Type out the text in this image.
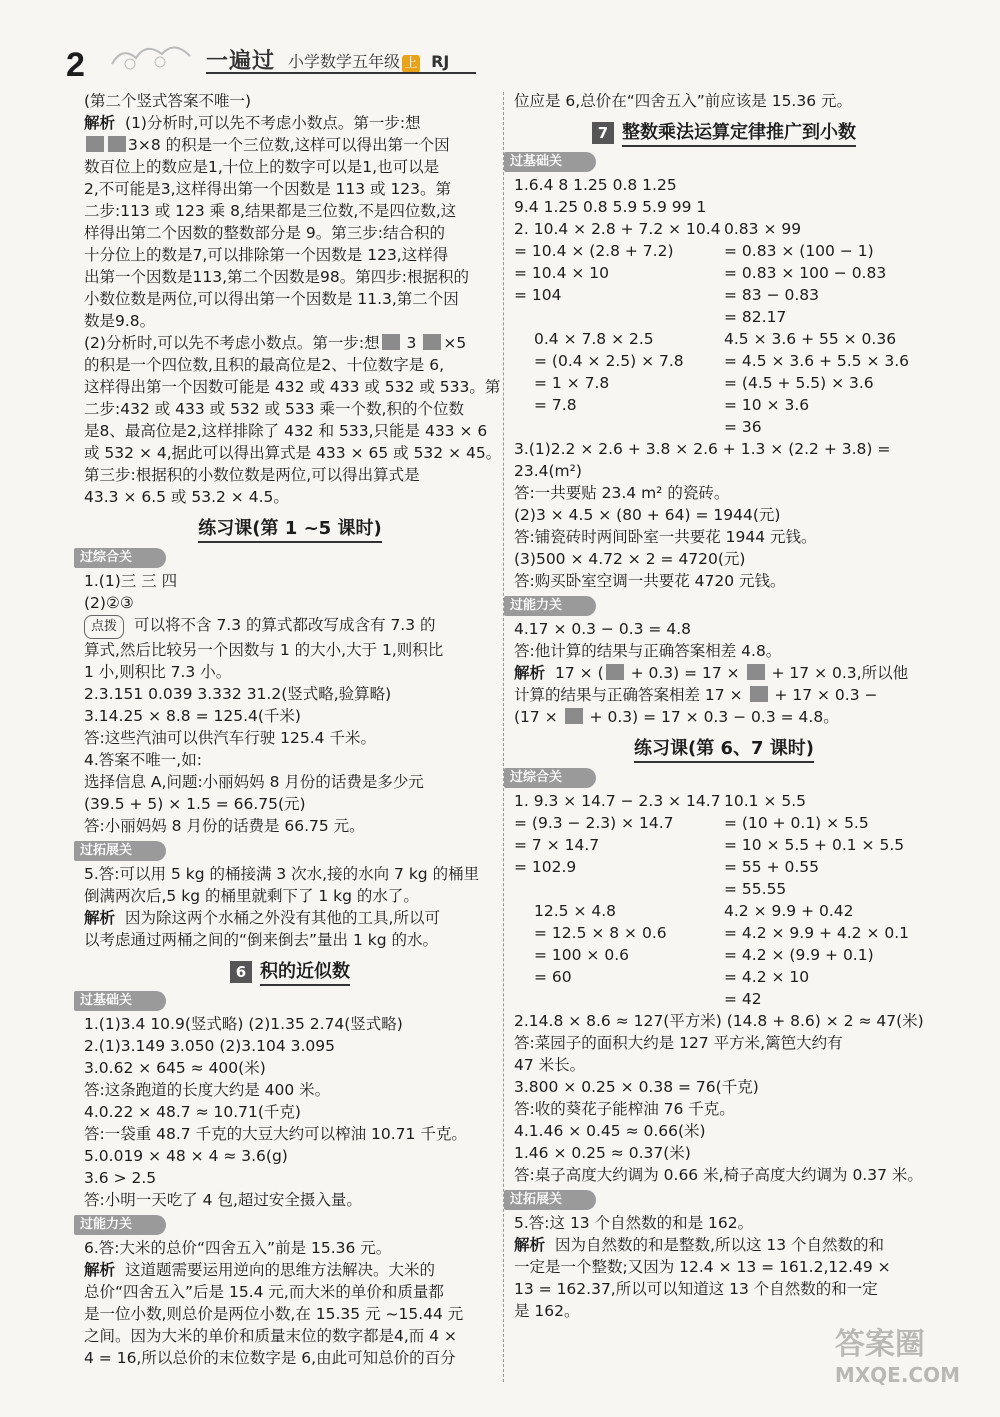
2	一遍过 小学数学五年级 上 RJ
(第二个竖式答案不唯一)
解析 (1)分析时,可以先不考虑小数点。第一步:想
3×8 的积是一个三位数,这样可以得出第一个因
数百位上的数应是1,十位上的数字可以是1,也可以是
2,不可能是3,这样得出第一个因数是 113 或 123。第
二步:113 或 123 乘 8,结果都是三位数,不是四位数,这
样得出第二个因数的整数部分是 9。第三步:结合积的
十分位上的数是7,可以排除第一个因数是 123,这样得
出第一个因数是113,第二个因数是98。第四步:根据积的
小数位数是两位,可以得出第一个因数是 11.3,第二个因
数是9.8。
(2)分析时,可以先不考虑小数点。第一步:想 3 ×5
的积是一个四位数,且积的最高位是2、十位数字是 6,
这样得出第一个因数可能是 432 或 433 或 532 或 533。第
二步:432 或 433 或 532 或 533 乘一个数,积的个位数
是8、最高位是2,这样排除了 432 和 533,只能是 433 × 6
或 532 × 4,据此可以得出算式是 433 × 65 或 532 × 45。
第三步:根据积的小数位数是两位,可以得出算式是
43.3 × 6.5 或 53.2 × 4.5。
练习课(第 1 ~5 课时)
过综合关
1.(1)三 三 四
(2)②③
点拨 可以将不含 7.3 的算式都改写成含有 7.3 的
算式,然后比较另一个因数与 1 的大小,大于 1,则积比
1 小,则积比 7.3 小。
2.3.151 0.039 3.332 31.2(竖式略,验算略)
3.14.25 × 8.8 = 125.4(千米)
答:这些汽油可以供汽车行驶 125.4 千米。
4.答案不唯一,如:
选择信息 A,问题:小丽妈妈 8 月份的话费是多少元
(39.5 + 5) × 1.5 = 66.75(元)
答:小丽妈妈 8 月份的话费是 66.75 元。
过拓展关
5.答:可以用 5 kg 的桶接满 3 次水,接的水向 7 kg 的桶里
倒满两次后,5 kg 的桶里就剩下了 1 kg 的水了。
解析 因为除这两个水桶之外没有其他的工具,所以可
以考虑通过两桶之间的“倒来倒去”量出 1 kg 的水。
6 积的近似数
过基础关
1.(1)3.4 10.9(竖式略) (2)1.35 2.74(竖式略)
2.(1)3.149 3.050 (2)3.104 3.095
3.0.62 × 645 ≈ 400(米)
答:这条跑道的长度大约是 400 米。
4.0.22 × 48.7 ≈ 10.71(千克)
答:一袋重 48.7 千克的大豆大约可以榨油 10.71 千克。
5.0.019 × 48 × 4 ≈ 3.6(g)
3.6 > 2.5
答:小明一天吃了 4 包,超过安全摄入量。
过能力关
6.答:大米的总价“四舍五入”前是 15.36 元。
解析 这道题需要运用逆向的思维方法解决。大米的
总价“四舍五入”后是 15.4 元,而大米的单价和质量都
是一位小数,则总价是两位小数,在 15.35 元 ~15.44 元
之间。因为大米的单价和质量末位的数字都是4,而 4 ×
4 = 16,所以总价的末位数字是 6,由此可知总价的百分
位应是 6,总价在“四舍五入”前应该是 15.36 元。
7 整数乘法运算定律推广到小数
过基础关
1.6.4 8 1.25 0.8 1.25
9.4 1.25 0.8 5.9 5.9 99 1
2. 10.4 × 2.8 + 7.2 × 10.4
= 10.4 × (2.8 + 7.2)
= 10.4 × 10
= 104
0.83 × 99
= 0.83 × (100 − 1)
= 0.83 × 100 − 0.83
= 83 − 0.83
= 82.17
0.4 × 7.8 × 2.5
= (0.4 × 2.5) × 7.8
= 1 × 7.8
= 7.8
4.5 × 3.6 + 55 × 0.36
= 4.5 × 3.6 + 5.5 × 3.6
= (4.5 + 5.5) × 3.6
= 10 × 3.6
= 36
3.(1)2.2 × 2.6 + 3.8 × 2.6 + 1.3 × (2.2 + 3.8) =
23.4(m²)
答:一共要贴 23.4 m² 的瓷砖。
(2)3 × 4.5 × (80 + 64) = 1944(元)
答:铺瓷砖时两间卧室一共要花 1944 元钱。
(3)500 × 4.72 × 2 = 4720(元)
答:购买卧室空调一共要花 4720 元钱。
过能力关
4.17 × 0.3 − 0.3 = 4.8
答:他计算的结果与正确答案相差 4.8。
解析 17 × ( + 0.3) = 17 ×  + 17 × 0.3,所以他
计算的结果与正确答案相差 17 ×  + 17 × 0.3 −
(17 ×  + 0.3) = 17 × 0.3 − 0.3 = 4.8。
练习课(第 6、7 课时)
过综合关
1. 9.3 × 14.7 − 2.3 × 14.7
= (9.3 − 2.3) × 14.7
= 7 × 14.7
= 102.9
10.1 × 5.5
= (10 + 0.1) × 5.5
= 10 × 5.5 + 0.1 × 5.5
= 55 + 0.55
= 55.55
12.5 × 4.8
= 12.5 × 8 × 0.6
= 100 × 0.6
= 60
4.2 × 9.9 + 0.42
= 4.2 × 9.9 + 4.2 × 0.1
= 4.2 × (9.9 + 0.1)
= 4.2 × 10
= 42
2.14.8 × 8.6 ≈ 127(平方米) (14.8 + 8.6) × 2 ≈ 47(米)
答:菜园子的面积大约是 127 平方米,篱笆大约有
47 米长。
3.800 × 0.25 × 0.38 = 76(千克)
答:收的葵花子能榨油 76 千克。
4.1.46 × 0.45 ≈ 0.66(米)
1.46 × 0.25 ≈ 0.37(米)
答:桌子高度大约调为 0.66 米,椅子高度大约调为 0.37 米。
过拓展关
5.答:这 13 个自然数的和是 162。
解析 因为自然数的和是整数,所以这 13 个自然数的和
一定是一个整数;又因为 12.4 × 13 = 161.2,12.49 ×
13 = 162.37,所以可以知道这 13 个自然数的和一定
是 162。
答案圈
MXQE.COM
